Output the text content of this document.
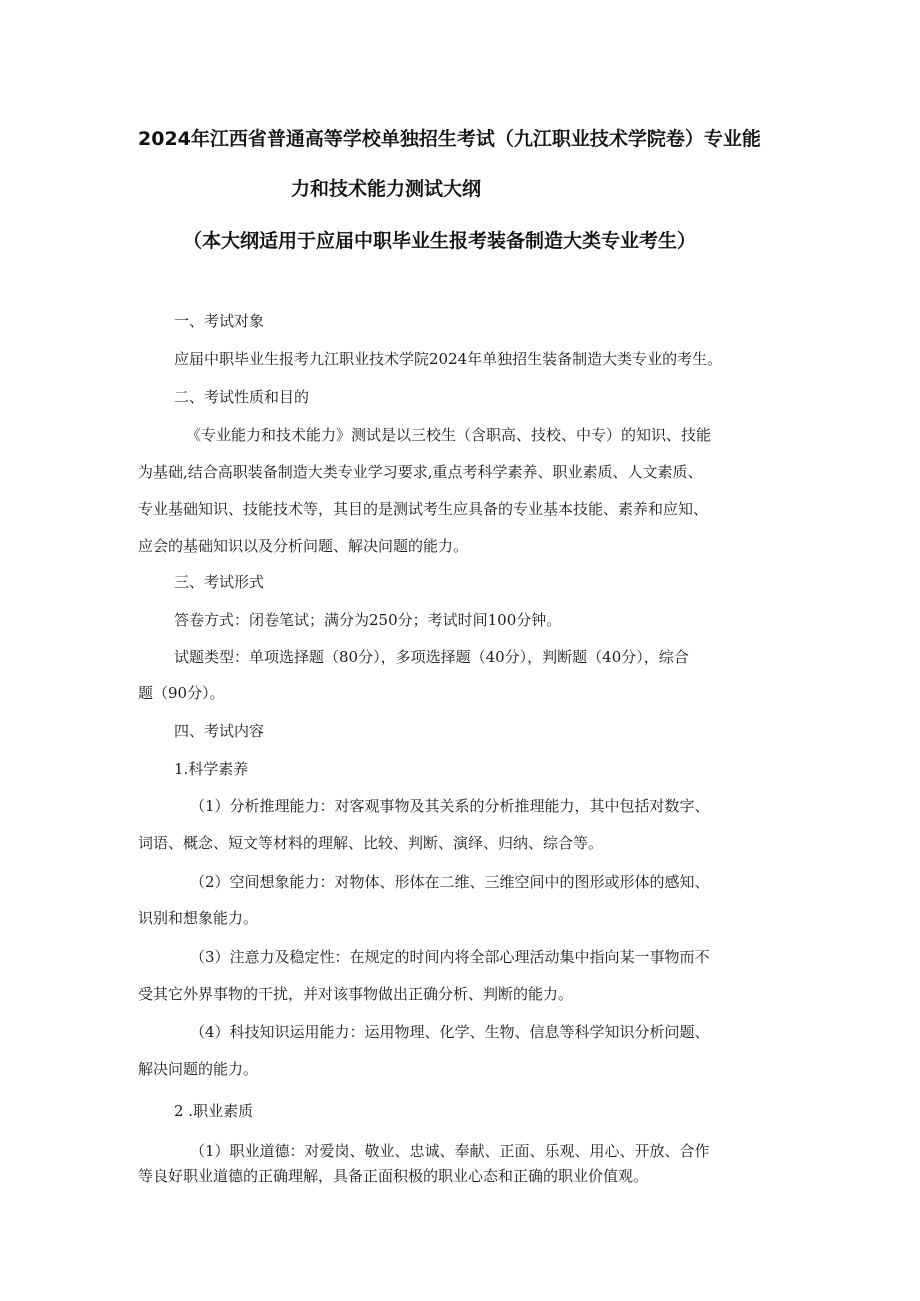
2024年江西省普通高等学校单独招生考试（九江职业技术学院卷）专业能
力和技术能力测试大纲
（本大纲适用于应届中职毕业生报考装备制造大类专业考生）
一、考试对象
应届中职毕业生报考九江职业技术学院2024年单独招生装备制造大类专业的考生。
二、考试性质和目的
《专业能力和技术能力》测试是以三校生（含职高、技校、中专）的知识、技能
为基础,结合高职装备制造大类专业学习要求,重点考科学素养、职业素质、人文素质、
专业基础知识、技能技术等，其目的是测试考生应具备的专业基本技能、素养和应知、
应会的基础知识以及分析问题、解决问题的能力。
三、考试形式
答卷方式：闭卷笔试；满分为250分；考试时间100分钟。
试题类型：单项选择题（80分），多项选择题（40分），判断题（40分），综合
题（90分）。
四、考试内容
1.科学素养
（1）分析推理能力：对客观事物及其关系的分析推理能力，其中包括对数字、
词语、概念、短文等材料的理解、比较、判断、演绎、归纳、综合等。
（2）空间想象能力：对物体、形体在二维、三维空间中的图形或形体的感知、
识别和想象能力。
（3）注意力及稳定性：在规定的时间内将全部心理活动集中指向某一事物而不
受其它外界事物的干扰，并对该事物做出正确分析、判断的能力。
（4）科技知识运用能力：运用物理、化学、生物、信息等科学知识分析问题、
解决问题的能力。
2 .职业素质
（1）职业道德：对爱岗、敬业、忠诚、奉献、正面、乐观、用心、开放、合作
等良好职业道德的正确理解，具备正面积极的职业心态和正确的职业价值观。
